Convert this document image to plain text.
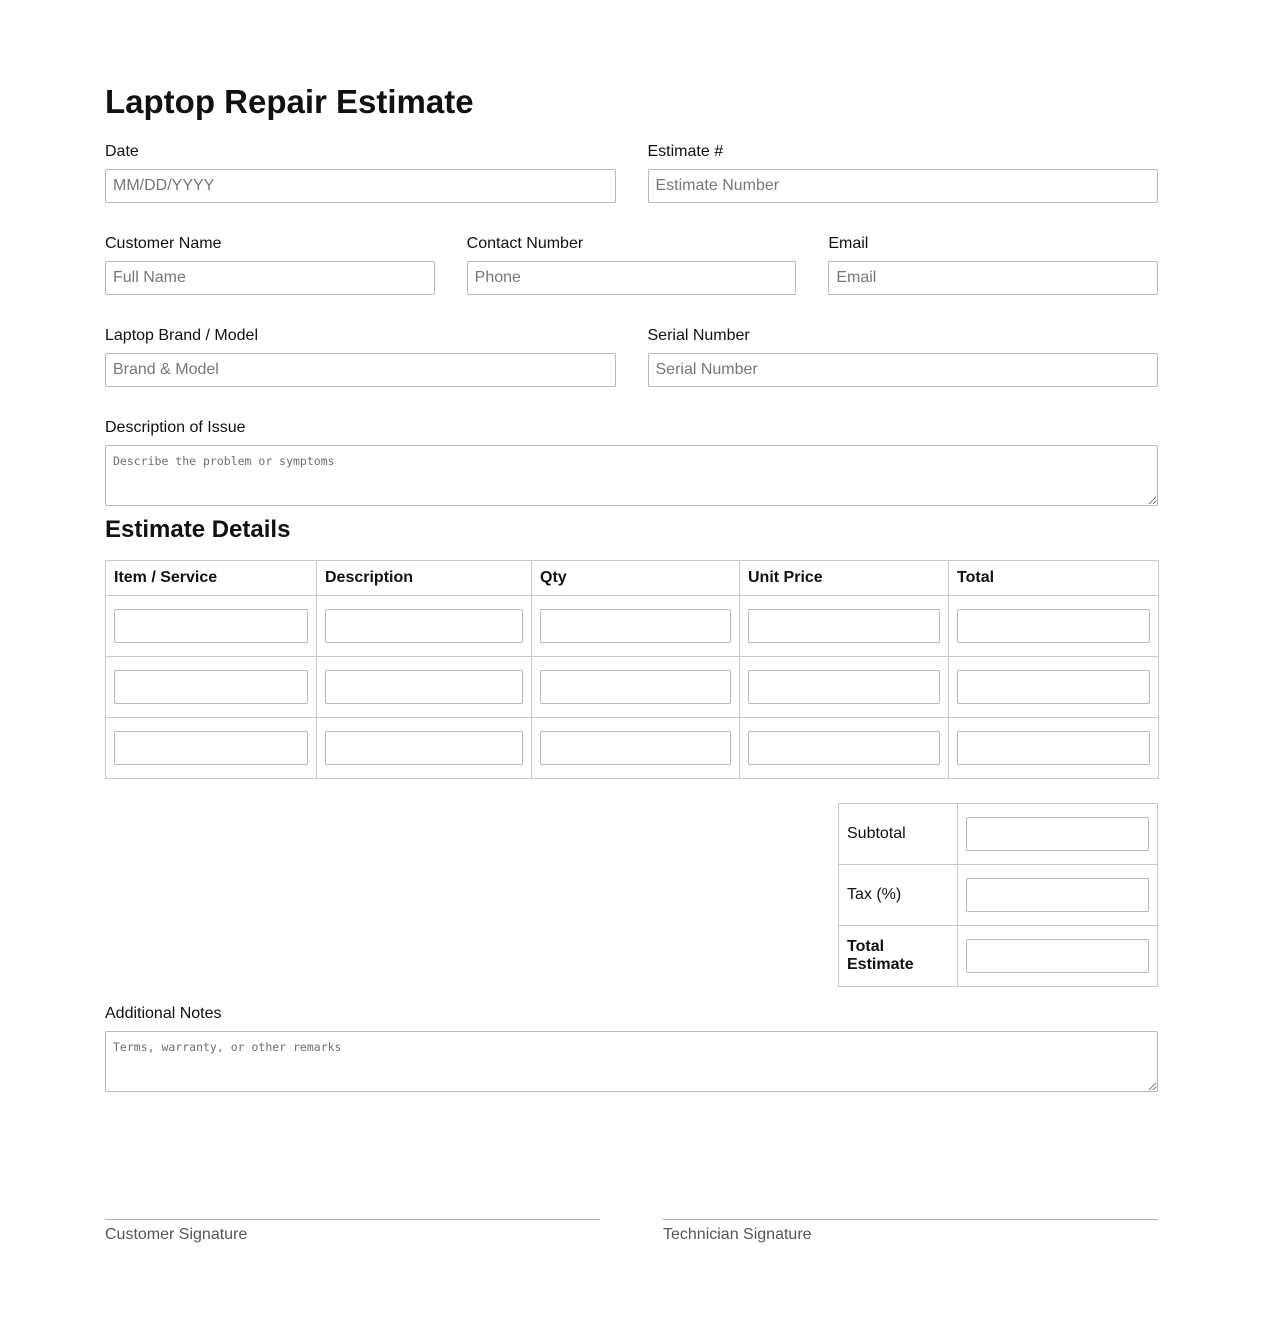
Laptop Repair Estimate
Date
MM/DD/YYYY	Estimate #
Estimate Number
Customer Name
Full Name	Contact Number
Phone	Email
Email
Laptop Brand / Model
Brand & Model	Serial Number
Serial Number
Description of Issue
Describe the problem or symptoms
Estimate Details
Item / Service	Description	Qty	Unit Price	Total

Subtotal	
Tax (%)	
Total Estimate	
Additional Notes
Terms, warranty, or other remarks
Customer Signature	Technician Signature
